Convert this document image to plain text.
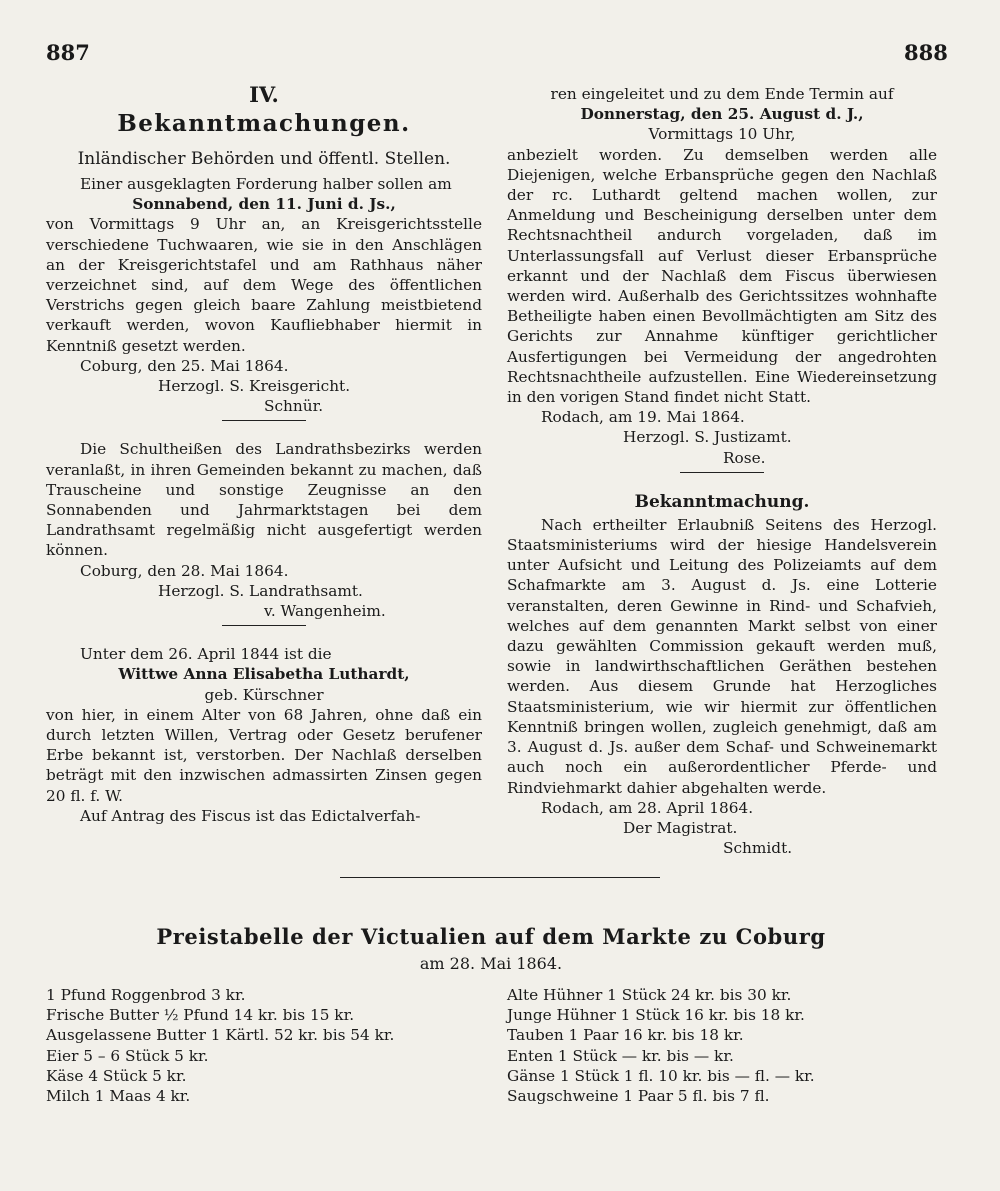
887	888
IV.
Bekanntmachungen.
Inländischer Behörden und öffentl. Stellen.

Einer ausgeklagten Forderung halber sollen am

Sonnabend, den 11. Juni d. Js.,

von Vormittags 9 Uhr an, an Kreisgerichtsstelle verschiedene Tuchwaaren, wie sie in den Anschlägen an der Kreisgerichtstafel und am Rathhaus näher verzeichnet sind, auf dem Wege des öffentlichen Verstrichs gegen gleich baare Zahlung meistbietend verkauft werden, wovon Kaufliebhaber hiermit in Kenntniß gesetzt werden.

Coburg, den 25. Mai 1864.

Herzogl. S. Kreisgericht.

Schnür.

Die Schultheißen des Landrathsbezirks werden veranlaßt, in ihren Gemeinden bekannt zu machen, daß Trauscheine und sonstige Zeugnisse an den Sonnabenden und Jahrmarktstagen bei dem Landrathsamt regelmäßig nicht ausgefertigt werden können.

Coburg, den 28. Mai 1864.

Herzogl. S. Landrathsamt.

v. Wangenheim.

Unter dem 26. April 1844 ist die

Wittwe Anna Elisabetha Luthardt,

geb. Kürschner

von hier, in einem Alter von 68 Jahren, ohne daß ein durch letzten Willen, Vertrag oder Gesetz berufener Erbe bekannt ist, verstorben. Der Nachlaß derselben beträgt mit den inzwischen admassirten Zinsen gegen 20 fl. f. W.

Auf Antrag des Fiscus ist das Edictalverfah-

ren eingeleitet und zu dem Ende Termin auf

Donnerstag, den 25. August d. J.,

Vormittags 10 Uhr,

anbezielt worden. Zu demselben werden alle Diejenigen, welche Erbansprüche gegen den Nachlaß der rc. Luthardt geltend machen wollen, zur Anmeldung und Bescheinigung derselben unter dem Rechtsnachtheil andurch vorgeladen, daß im Unterlassungsfall auf Verlust dieser Erbansprüche erkannt und der Nachlaß dem Fiscus überwiesen werden wird. Außerhalb des Gerichtssitzes wohnhafte Betheiligte haben einen Bevollmächtigten am Sitz des Gerichts zur Annahme künftiger gerichtlicher Ausfertigungen bei Vermeidung der angedrohten Rechtsnachtheile aufzustellen. Eine Wiedereinsetzung in den vorigen Stand findet nicht Statt.

Rodach, am 19. Mai 1864.

Herzogl. S. Justizamt.

Rose.

Bekanntmachung.

Nach ertheilter Erlaubniß Seitens des Herzogl. Staatsministeriums wird der hiesige Handelsverein unter Aufsicht und Leitung des Polizeiamts auf dem Schafmarkte am 3. August d. Js. eine Lotterie veranstalten, deren Gewinne in Rind- und Schafvieh, welches auf dem genannten Markt selbst von einer dazu gewählten Commission gekauft werden muß, sowie in landwirthschaftlichen Geräthen bestehen werden. Aus diesem Grunde hat Herzogliches Staatsministerium, wie wir hiermit zur öffentlichen Kenntniß bringen wollen, zugleich genehmigt, daß am 3. August d. Js. außer dem Schaf- und Schweinemarkt auch noch ein außerordentlicher Pferde- und Rindviehmarkt dahier abgehalten werde.

Rodach, am 28. April 1864.

Der Magistrat.

Schmidt.

Preistabelle der Victualien auf dem Markte zu Coburg
am 28. Mai 1864.
1 Pfund Roggenbrod 3 kr.
Frische Butter ½ Pfund 14 kr. bis 15 kr.
Ausgelassene Butter 1 Kärtl. 52 kr. bis 54 kr.
Eier 5 – 6 Stück 5 kr.
Käse 4 Stück 5 kr.
Milch 1 Maas 4 kr.
Alte Hühner 1 Stück 24 kr. bis 30 kr.
Junge Hühner 1 Stück 16 kr. bis 18 kr.
Tauben 1 Paar 16 kr. bis 18 kr.
Enten 1 Stück — kr. bis — kr.
Gänse 1 Stück 1 fl. 10 kr. bis — fl. — kr.
Saugschweine 1 Paar 5 fl. bis 7 fl.
